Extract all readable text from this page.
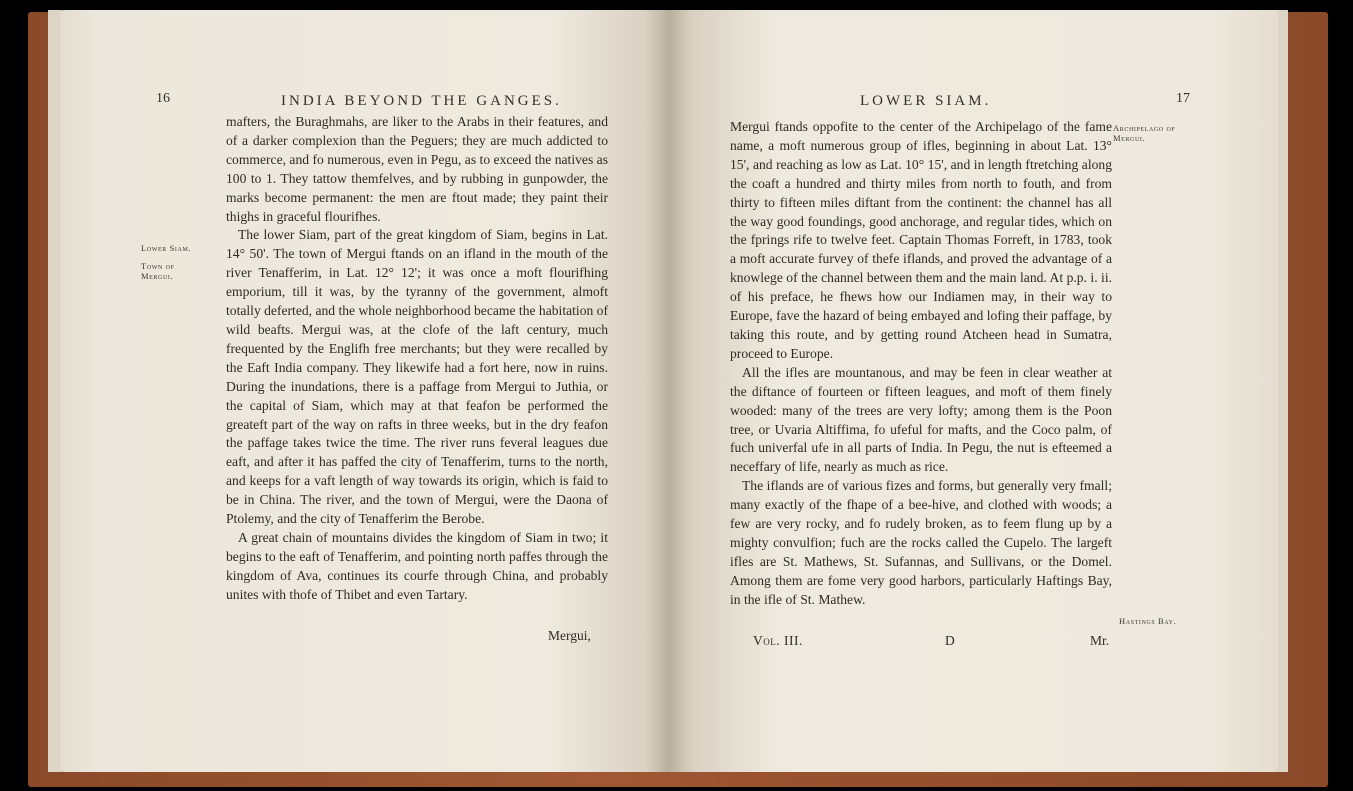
16	INDIA BEYOND THE GANGES.
Lower Siam.
Town of Mergui.

mafters, the Buraghmahs, are liker to the Arabs in their features, and of a darker complexion than the Peguers; they are much addicted to commerce, and fo numerous, even in Pegu, as to exceed the natives as 100 to 1. They tattow themfelves, and by rubbing in gunpowder, the marks become permanent: the men are ftout made; they paint their thighs in graceful flourifhes.

The lower Siam, part of the great kingdom of Siam, begins in Lat. 14° 50'. The town of Mergui ftands on an ifland in the mouth of the river Tenafferim, in Lat. 12° 12'; it was once a moft flourifhing emporium, till it was, by the tyranny of the government, almoft totally deferted, and the whole neighborhood became the habitation of wild beafts. Mergui was, at the clofe of the laft century, much frequented by the Englifh free merchants; but they were recalled by the Eaft India company. They likewife had a fort here, now in ruins. During the inundations, there is a paffage from Mergui to Juthia, or the capital of Siam, which may at that feafon be performed the greateft part of the way on rafts in three weeks, but in the dry feafon the paffage takes twice the time. The river runs feveral leagues due eaft, and after it has paffed the city of Tenafferim, turns to the north, and keeps for a vaft length of way towards its origin, which is faid to be in China. The river, and the town of Mergui, were the Daona of Ptolemy, and the city of Tenafferim the Berobe.

A great chain of mountains divides the kingdom of Siam in two; it begins to the eaft of Tenafferim, and pointing north paffes through the kingdom of Ava, continues its courfe through China, and probably unites with thofe of Thibet and even Tartary.

Mergui,
LOWER SIAM.	17
Archipelago of Mergui.
Hastings Bay.

Mergui ftands oppofite to the center of the Archipelago of the fame name, a moft numerous group of ifles, beginning in about Lat. 13° 15', and reaching as low as Lat. 10° 15', and in length ftretching along the coaft a hundred and thirty miles from north to fouth, and from thirty to fifteen miles diftant from the continent: the channel has all the way good foundings, good anchorage, and regular tides, which on the fprings rife to twelve feet. Captain Thomas Forreft, in 1783, took a moft accurate furvey of thefe iflands, and proved the advantage of a knowlege of the channel between them and the main land. At p.p. i. ii. of his preface, he fhews how our Indiamen may, in their way to Europe, fave the hazard of being embayed and lofing their paffage, by taking this route, and by getting round Atcheen head in Sumatra, proceed to Europe.

All the ifles are mountanous, and may be feen in clear weather at the diftance of fourteen or fifteen leagues, and moft of them finely wooded: many of the trees are very lofty; among them is the Poon tree, or Uvaria Altiffima, fo ufeful for mafts, and the Coco palm, of fuch univerfal ufe in all parts of India. In Pegu, the nut is efteemed a neceffary of life, nearly as much as rice.

The iflands are of various fizes and forms, but generally very fmall; many exactly of the fhape of a bee-hive, and clothed with woods; a few are very rocky, and fo rudely broken, as to feem flung up by a mighty convulfion; fuch are the rocks called the Cupelo. The largeft ifles are St. Mathews, St. Sufannas, and Sullivans, or the Domel. Among them are fome very good harbors, particularly Haftings Bay, in the ifle of St. Mathew.

Vol. III.	D	Mr.
